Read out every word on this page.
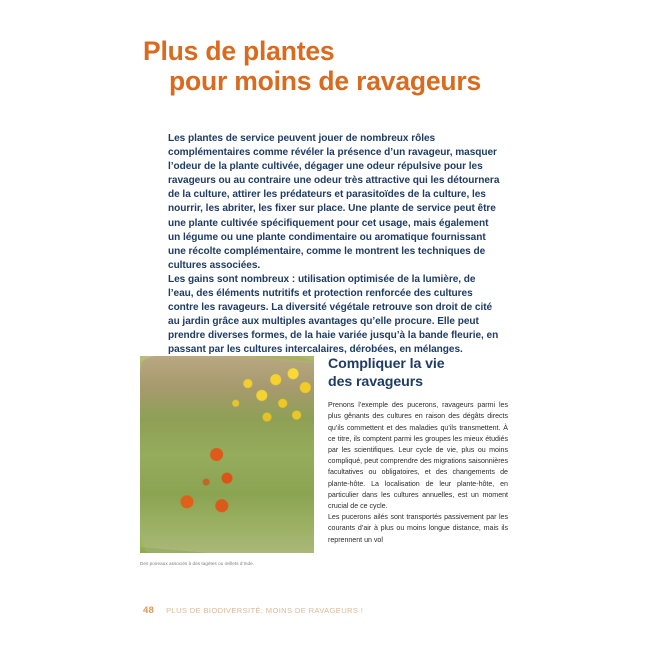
Plus de plantes
pour moins de ravageurs

Les plantes de service peuvent jouer de nombreux rôles complémentaires comme révéler la présence d’un ravageur, masquer l’odeur de la plante cultivée, dégager une odeur répulsive pour les ravageurs ou au contraire une odeur très attractive qui les détournera de la culture, attirer les prédateurs et parasitoïdes de la culture, les nourrir, les abriter, les fixer sur place. Une plante de service peut être une plante cultivée spécifiquement pour cet usage, mais également un légume ou une plante condimentaire ou aromatique fournissant une récolte complémentaire, comme le montrent les techniques de cultures associées.

Les gains sont nombreux : utilisation optimisée de la lumière, de l’eau, des éléments nutritifs et protection renforcée des cultures contre les ravageurs. La diversité végétale retrouve son droit de cité au jardin grâce aux multiples avantages qu’elle procure. Elle peut prendre diverses formes, de la haie variée jusqu’à la bande fleurie, en passant par les cultures intercalaires, dérobées, en mélanges.

Des poireaux associés à des tagètes ou œillets d’Inde.
Compliquer la vie
des ravageurs

Prenons l’exemple des pucerons, ravageurs parmi les plus gênants des cultures en raison des dégâts directs qu’ils commettent et des maladies qu’ils transmettent. À ce titre, ils comptent parmi les groupes les mieux étudiés par les scientifiques. Leur cycle de vie, plus ou moins compliqué, peut comprendre des migrations saisonnières facultatives ou obligatoires, et des changements de plante-hôte. La localisation de leur plante-hôte, en particulier dans les cultures annuelles, est un moment crucial de ce cycle.

Les pucerons ailés sont transportés passivement par les courants d’air à plus ou moins longue distance, mais ils reprennent un vol

48 PLUS DE BIODIVERSITÉ, MOINS DE RAVAGEURS !
